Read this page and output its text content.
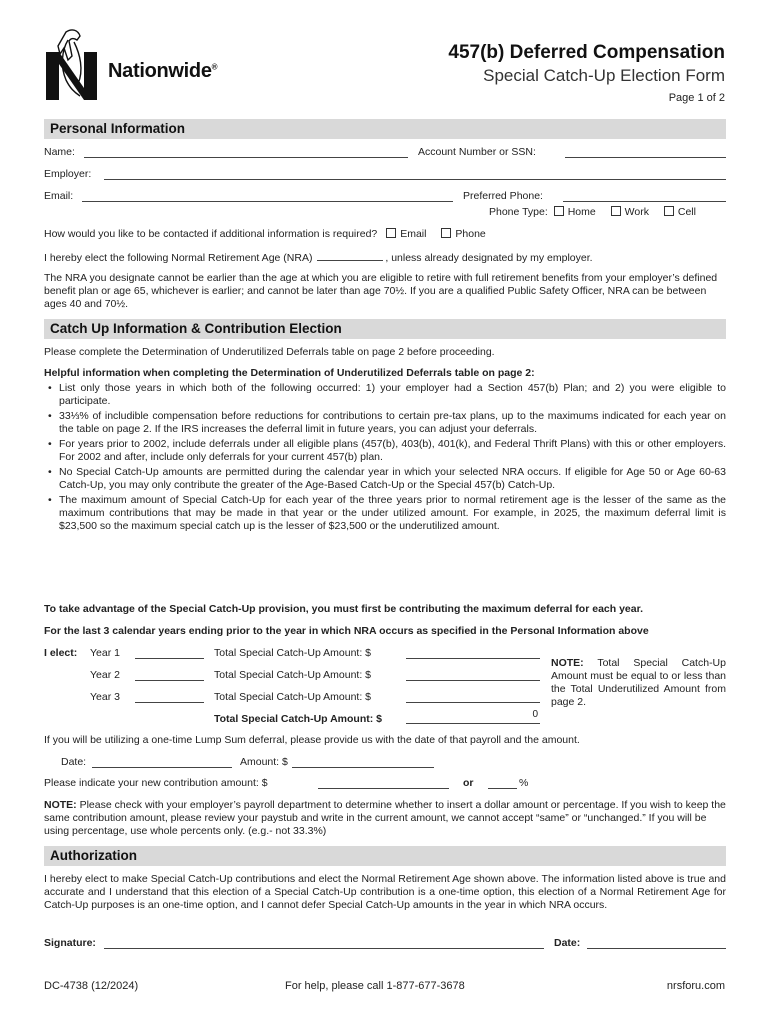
Nationwide®
457(b) Deferred Compensation
Special Catch-Up Election Form
Page 1 of 2
Personal Information
Name:	Account Number or SSN:
Employer:
Email:	Preferred Phone:
Phone Type: Home	Work	Cell
How would you like to be contacted if additional information is required? Email	Phone
I hereby elect the following Normal Retirement Age (NRA)	, unless already designated by my employer.
The NRA you designate cannot be earlier than the age at which you are eligible to retire with full retirement benefits from your employer’s defined benefit plan or age 65, whichever is earlier; and cannot be later than age 70½. If you are a qualified Public Safety Officer, NRA can be between ages 40 and 70½.
Catch Up Information & Contribution Election
Please complete the Determination of Underutilized Deferrals table on page 2 before proceeding.
Helpful information when completing the Determination of Underutilized Deferrals table on page 2:
• List only those years in which both of the following occurred: 1) your employer had a Section 457(b) Plan; and 2) you were eligible to participate.
• 33⅓% of includible compensation before reductions for contributions to certain pre-tax plans, up to the maximums indicated for each year on the table on page 2. If the IRS increases the deferral limit in future years, you can adjust your deferrals.
• For years prior to 2002, include deferrals under all eligible plans (457(b), 403(b), 401(k), and Federal Thrift Plans) with this or other employers. For 2002 and after, include only deferrals for your current 457(b) plan.
• No Special Catch-Up amounts are permitted during the calendar year in which your selected NRA occurs. If eligible for Age 50 or Age 60-63 Catch-Up, you may only contribute the greater of the Age-Based Catch-Up or the Special 457(b) Catch-Up.
• The maximum amount of Special Catch-Up for each year of the three years prior to normal retirement age is the lesser of the same as the maximum contributions that may be made in that year or the under utilized amount. For example, in 2025, the maximum deferral limit is $23,500 so the maximum special catch up is the lesser of $23,500 or the underutilized amount.
To take advantage of the Special Catch-Up provision, you must first be contributing the maximum deferral for each year.
For the last 3 calendar years ending prior to the year in which NRA occurs as specified in the Personal Information above
I elect: Year 1	Total Special Catch-Up Amount: $
Year 2	Total Special Catch-Up Amount: $
Year 3	Total Special Catch-Up Amount: $
Total Special Catch-Up Amount: $	0
NOTE: Total Special Catch-Up Amount must be equal to or less than the Total Underutilized Amount from page 2.
If you will be utilizing a one-time Lump Sum deferral, please provide us with the date of that payroll and the amount.
Date:	Amount: $
Please indicate your new contribution amount: $	or	%
NOTE: Please check with your employer’s payroll department to determine whether to insert a dollar amount or percentage. If you wish to keep the same contribution amount, please review your paystub and write in the current amount, we cannot accept “same” or “unchanged.” If you will be using percentage, use whole percents only. (e.g.- not 33.3%)
Authorization
I hereby elect to make Special Catch-Up contributions and elect the Normal Retirement Age shown above. The information listed above is true and accurate and I understand that this election of a Special Catch-Up contribution is a one-time option, this election of a Normal Retirement Age for Catch-Up purposes is an one-time option, and I cannot defer Special Catch-Up amounts in the year in which NRA occurs.
Signature:	Date:
DC-4738 (12/2024)	For help, please call 1-877-677-3678	nrsforu.com
